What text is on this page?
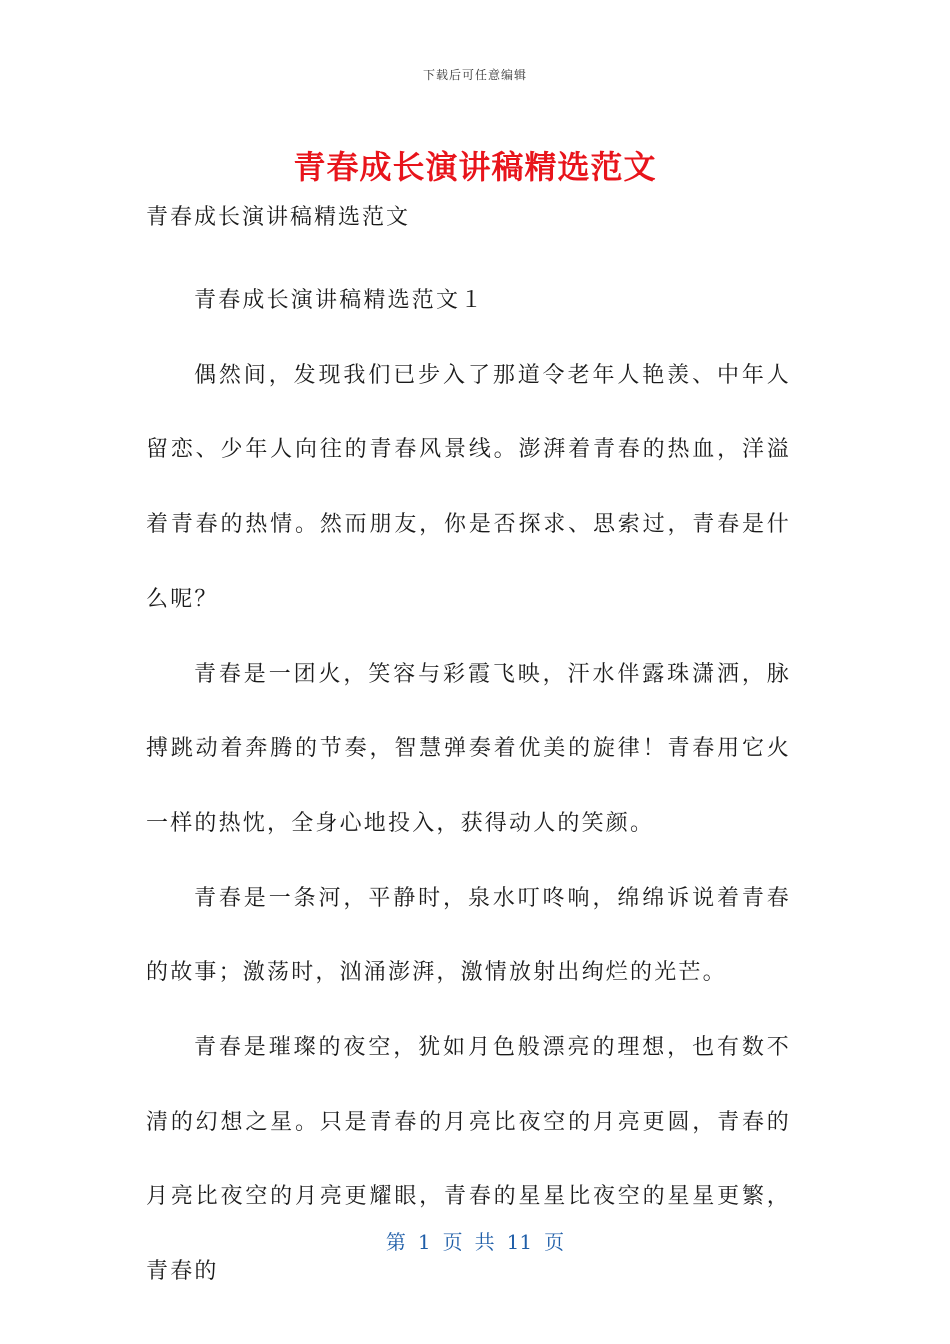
下载后可任意编辑
青春成长演讲稿精选范文

青春成长演讲稿精选范文

青春成长演讲稿精选范文１

偶然间，发现我们已步入了那道令老年人艳羡、中年人留恋、少年人向往的青春风景线。澎湃着青春的热血，洋溢着青春的热情。然而朋友，你是否探求、思索过，青春是什么呢？

青春是一团火，笑容与彩霞飞映，汗水伴露珠潇洒，脉搏跳动着奔腾的节奏，智慧弹奏着优美的旋律！青春用它火一样的热忱，全身心地投入，获得动人的笑颜。

青春是一条河，平静时，泉水叮咚响，绵绵诉说着青春的故事；激荡时，汹涌澎湃，激情放射出绚烂的光芒。

青春是璀璨的夜空，犹如月色般漂亮的理想，也有数不清的幻想之星。只是青春的月亮比夜空的月亮更圆，青春的月亮比夜空的月亮更耀眼，青春的星星比夜空的星星更繁，青春的

第 1 页 共 11 页
